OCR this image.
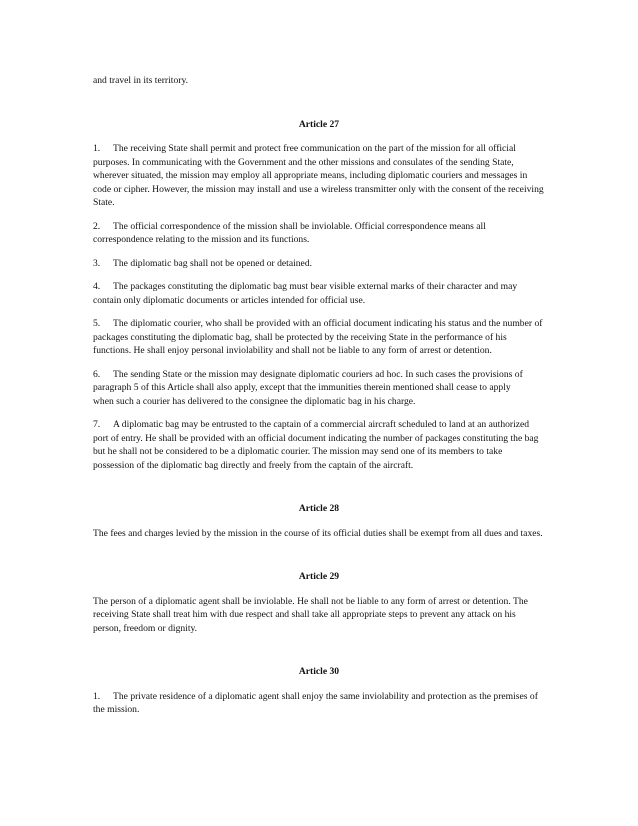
and travel in its territory.

Article 27

1. The receiving State shall permit and protect free communication on the part of the mission for all official purposes. In communicating with the Government and the other missions and consulates of the sending State, wherever situated, the mission may employ all appropriate means, including diplomatic couriers and messages in code or cipher. However, the mission may install and use a wireless transmitter only with the consent of the receiving State.

2. The official correspondence of the mission shall be inviolable. Official correspondence means all correspondence relating to the mission and its functions.

3. The diplomatic bag shall not be opened or detained.

4. The packages constituting the diplomatic bag must bear visible external marks of their character and may contain only diplomatic documents or articles intended for official use.

5. The diplomatic courier, who shall be provided with an official document indicating his status and the number of packages constituting the diplomatic bag, shall be protected by the receiving State in the performance of his functions. He shall enjoy personal inviolability and shall not be liable to any form of arrest or detention.

6. The sending State or the mission may designate diplomatic couriers ad hoc. In such cases the provisions of paragraph 5 of this Article shall also apply, except that the immunities therein mentioned shall cease to apply
when such a courier has delivered to the consignee the diplomatic bag in his charge.

7. A diplomatic bag may be entrusted to the captain of a commercial aircraft scheduled to land at an authorized port of entry. He shall be provided with an official document indicating the number of packages constituting the bag but he shall not be considered to be a diplomatic courier. The mission may send one of its members to take possession of the diplomatic bag directly and freely from the captain of the aircraft.

Article 28

The fees and charges levied by the mission in the course of its official duties shall be exempt from all dues and taxes.

Article 29

The person of a diplomatic agent shall be inviolable. He shall not be liable to any form of arrest or detention. The receiving State shall treat him with due respect and shall take all appropriate steps to prevent any attack on his person, freedom or dignity.

Article 30

1. The private residence of a diplomatic agent shall enjoy the same inviolability and protection as the premises of the mission.
